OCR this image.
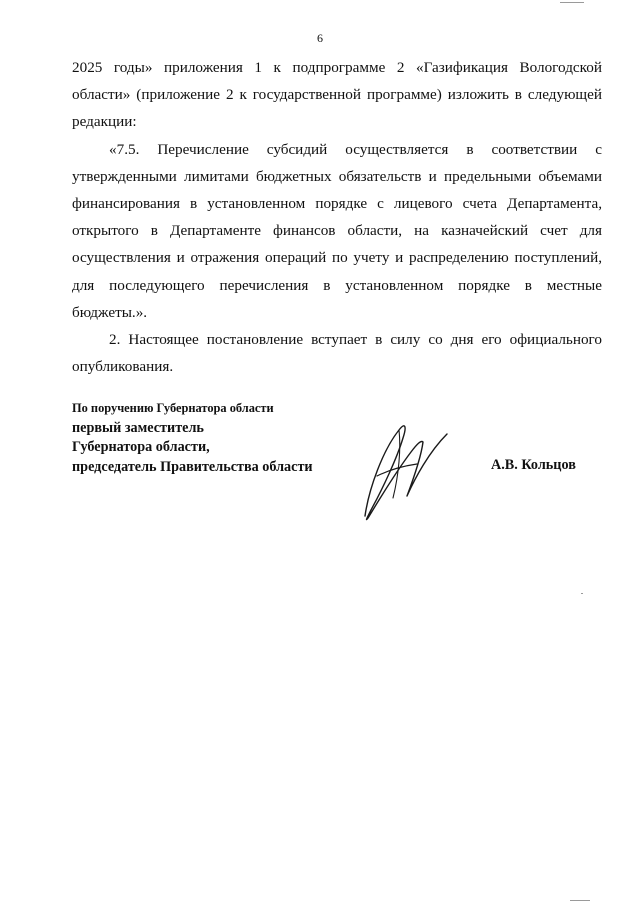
6

2025 годы» приложения 1 к подпрограмме 2 «Газификация Вологодской области» (приложение 2 к государственной программе) изложить в следующей редакции:

«7.5. Перечисление субсидий осуществляется в соответствии с утвержденными лимитами бюджетных обязательств и предельными объемами финансирования в установленном порядке с лицевого счета Департамента, открытого в Департаменте финансов области, на казначейский счет для осуществления и отражения операций по учету и распределению поступлений, для последующего перечисления в установленном порядке в местные бюджеты.».

2. Настоящее постановление вступает в силу со дня его официального опубликования.

По поручению Губернатора области
первый заместитель
Губернатора области,
председатель Правительства области	А.В. Кольцов
